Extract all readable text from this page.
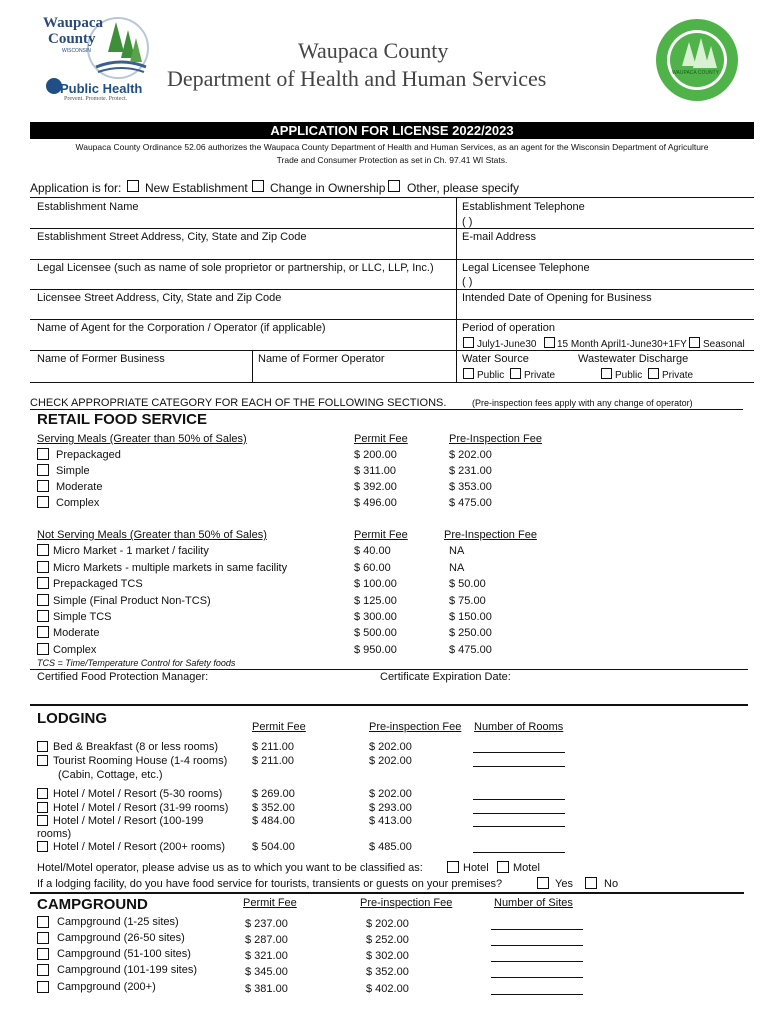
Waupaca
County
WISCONSIN
Public Health
Prevent. Promote. Protect.
Waupaca County
Department of Health and Human Services	WAUPACA COUNTY
APPLICATION FOR LICENSE 2022/2023
Waupaca County Ordinance 52.06 authorizes the Waupaca County Department of Health and Human Services, as an agent for the Wisconsin Department of Agriculture
Trade and Consumer Protection as set in Ch. 97.41 WI Stats.
Application is for: New Establishment Change in Ownership Other, please specify
Establishment Name	Establishment Telephone
( )
Establishment Street Address, City, State and Zip Code	E-mail Address
Legal Licensee (such as name of sole proprietor or partnership, or LLC, LLP, Inc.)	Legal Licensee Telephone
( )
Licensee Street Address, City, State and Zip Code	Intended Date of Opening for Business
Name of Agent for the Corporation / Operator (if applicable)	Period of operation
July1-June30 15 Month April1-June30+1FY Seasonal
Name of Former Business	Name of Former Operator	Water Source	Wastewater Discharge
Public Private	Public Private
CHECK APPROPRIATE CATEGORY FOR EACH OF THE FOLLOWING SECTIONS.	(Pre-inspection fees apply with any change of operator)
RETAIL FOOD SERVICE
Serving Meals (Greater than 50% of Sales)	Permit Fee	Pre-Inspection Fee
Prepackaged	$ 200.00	$ 202.00
Simple	$ 311.00	$ 231.00
Moderate	$ 392.00	$ 353.00
Complex	$ 496.00	$ 475.00
Not Serving Meals (Greater than 50% of Sales)	Permit Fee	Pre-Inspection Fee
Micro Market - 1 market / facility	$ 40.00	NA
Micro Markets - multiple markets in same facility	$ 60.00	NA
Prepackaged TCS	$ 100.00	$ 50.00
Simple (Final Product Non-TCS)	$ 125.00	$ 75.00
Simple TCS	$ 300.00	$ 150.00
Moderate	$ 500.00	$ 250.00
Complex	$ 950.00	$ 475.00
TCS = Time/Temperature Control for Safety foods
Certified Food Protection Manager:	Certificate Expiration Date:
LODGING	Permit Fee	Pre-inspection Fee Number of Rooms
Bed & Breakfast (8 or less rooms)	$ 211.00	$ 202.00
Tourist Rooming House (1-4 rooms) $ 211.00	$ 202.00
(Cabin, Cottage, etc.)
Hotel / Motel / Resort (5-30 rooms)	$ 269.00	$ 202.00
Hotel / Motel / Resort (31-99 rooms) $ 352.00	$ 293.00
Hotel / Motel / Resort (100-199	$ 484.00	$ 413.00
rooms)
Hotel / Motel / Resort (200+ rooms) $ 504.00	$ 485.00
Hotel/Motel operator, please advise us as to which you want to be classified as:	Hotel Motel
If a lodging facility, do you have food service for tourists, transients or guests on your premises?	Yes	No
CAMPGROUND	Permit Fee	Pre-inspection Fee	Number of Sites
Campground (1-25 sites)	$ 237.00	$ 202.00
Campground (26-50 sites)	$ 287.00	$ 252.00
Campground (51-100 sites)	$ 321.00	$ 302.00
Campground (101-199 sites)	$ 345.00	$ 352.00
Campground (200+)	$ 381.00	$ 402.00
